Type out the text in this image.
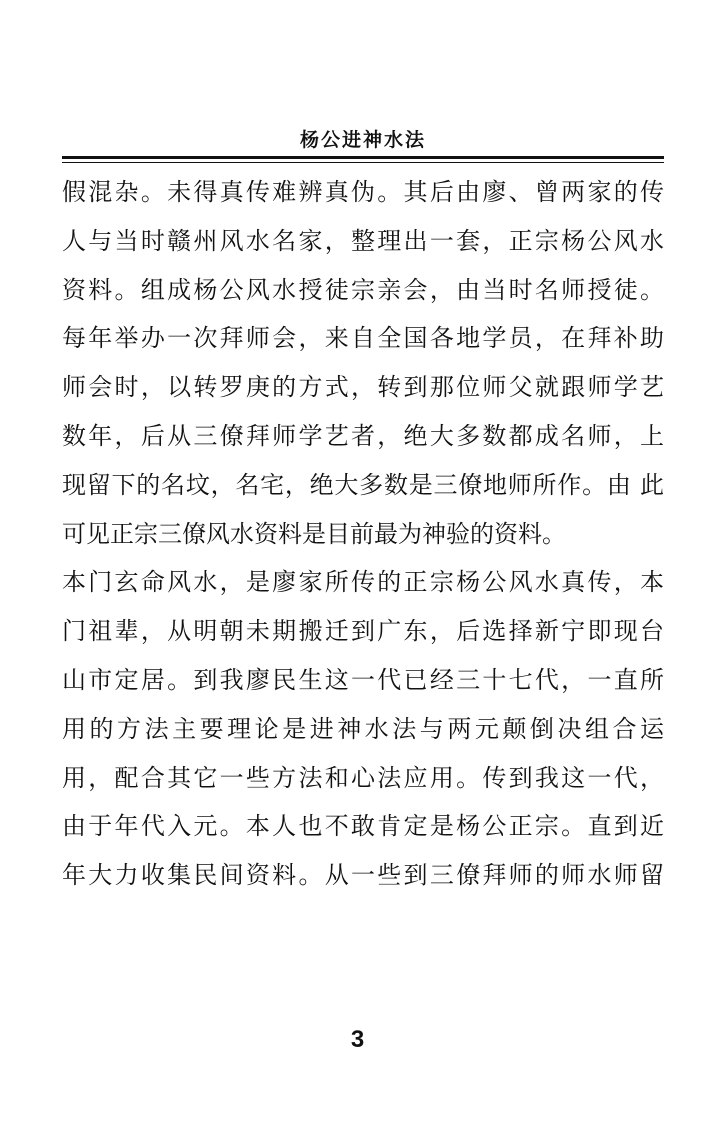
杨公进神水法
假混杂。未得真传难辨真伪。其后由廖、曾两家的传
人与当时赣州风水名家，整理出一套，正宗杨公风水
资料。组成杨公风水授徒宗亲会，由当时名师授徒。
每年举办一次拜师会，来自全国各地学员，在拜补助
师会时，以转罗庚的方式，转到那位师父就跟师学艺
数年，后从三僚拜师学艺者，绝大多数都成名师，上
现留下的名坟，名宅，绝大多数是三僚地师所作。由 此
可见正宗三僚风水资料是目前最为神验的资料。
本门玄命风水，是廖家所传的正宗杨公风水真传，本
门祖辈，从明朝未期搬迁到广东，后选择新宁即现台
山市定居。到我廖民生这一代已经三十七代，一直所
用的方法主要理论是进神水法与两元颠倒决组合运
用，配合其它一些方法和心法应用。传到我这一代，
由于年代入元。本人也不敢肯定是杨公正宗。直到近
年大力收集民间资料。从一些到三僚拜师的师水师留
3
